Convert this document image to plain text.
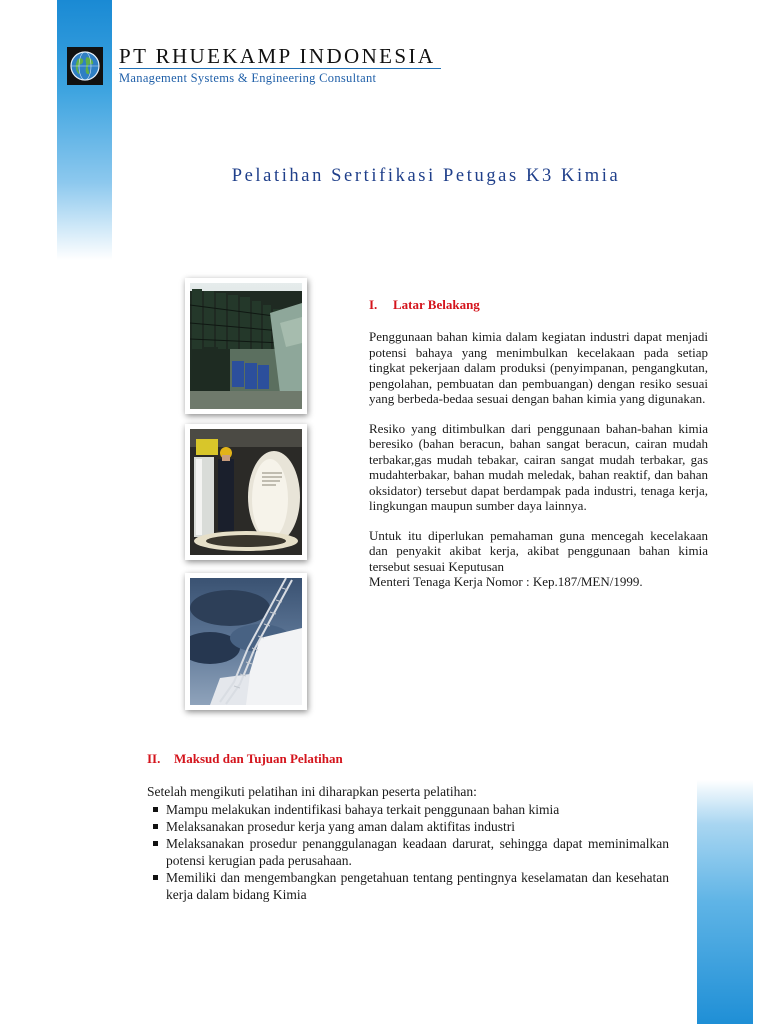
PT RHUEKAMP INDONESIA
Management Systems & Engineering Consultant
Pelatihan Sertifikasi Petugas K3 Kimia
I. Latar Belakang

Penggunaan bahan kimia dalam kegiatan industri dapat menjadi potensi bahaya yang menimbulkan kecelakaan pada setiap tingkat pekerjaan dalam produksi (penyimpanan, pengangkutan, pengolahan, pembuatan dan pembuangan) dengan resiko sesuai yang berbeda-bedaa sesuai dengan bahan kimia yang digunakan.

Resiko yang ditimbulkan dari penggunaan bahan-bahan kimia beresiko (bahan beracun, bahan sangat beracun, cairan mudah terbakar,gas mudah tebakar, cairan sangat mudah terbakar, gas mudahterbakar, bahan mudah meledak, bahan reaktif, dan bahan oksidator) tersebut dapat berdampak pada industri, tenaga kerja, lingkungan maupun sumber daya lainnya.

Untuk itu diperlukan pemahaman guna mencegah kecelakaan dan penyakit akibat kerja, akibat penggunaan bahan kimia tersebut sesuai Keputusan
Menteri Tenaga Kerja Nomor : Kep.187/MEN/1999.

II. Maksud dan Tujuan Pelatihan
Setelah mengikuti pelatihan ini diharapkan peserta pelatihan:
Mampu melakukan indentifikasi bahaya terkait penggunaan bahan kimia
Melaksanakan prosedur kerja yang aman dalam aktifitas industri
Melaksanakan prosedur penanggulanagan keadaan darurat, sehingga dapat meminimalkan potensi kerugian pada perusahaan.
Memiliki dan mengembangkan pengetahuan tentang pentingnya keselamatan dan kesehatan kerja dalam bidang Kimia
